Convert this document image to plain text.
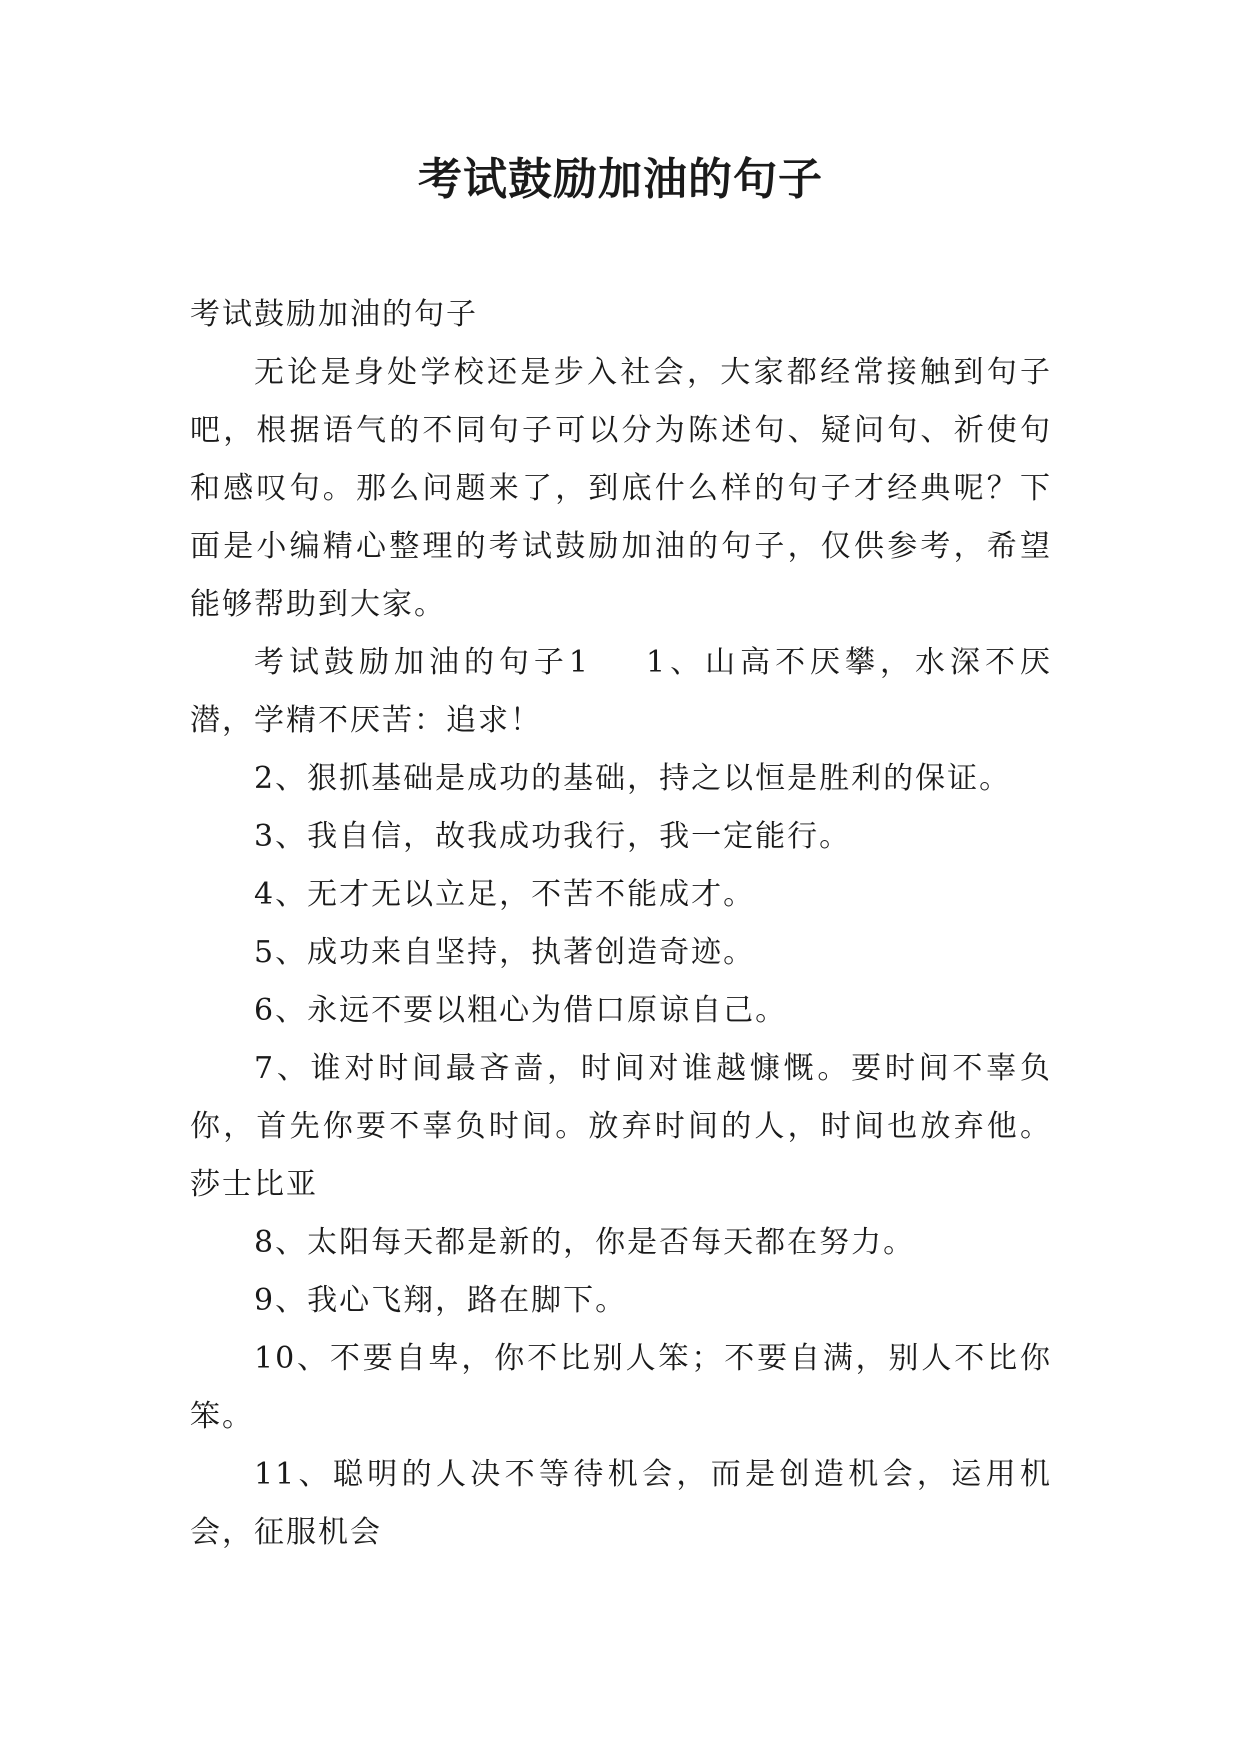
考试鼓励加油的句子

考试鼓励加油的句子

无论是身处学校还是步入社会，大家都经常接触到句子吧，根据语气的不同句子可以分为陈述句、疑问句、祈使句和感叹句。那么问题来了，到底什么样的句子才经典呢？下面是小编精心整理的考试鼓励加油的句子，仅供参考，希望能够帮助到大家。

考试鼓励加油的句子1 1、山高不厌攀，水深不厌潜，学精不厌苦：追求！

2、狠抓基础是成功的基础，持之以恒是胜利的保证。

3、我自信，故我成功我行，我一定能行。

4、无才无以立足，不苦不能成才。

5、成功来自坚持，执著创造奇迹。

6、永远不要以粗心为借口原谅自己。

7、谁对时间最吝啬，时间对谁越慷慨。要时间不辜负你，首先你要不辜负时间。放弃时间的人，时间也放弃他。莎士比亚

8、太阳每天都是新的，你是否每天都在努力。

9、我心飞翔，路在脚下。

10、不要自卑，你不比别人笨；不要自满，别人不比你笨。

11、聪明的人决不等待机会，而是创造机会，运用机会，征服机会
